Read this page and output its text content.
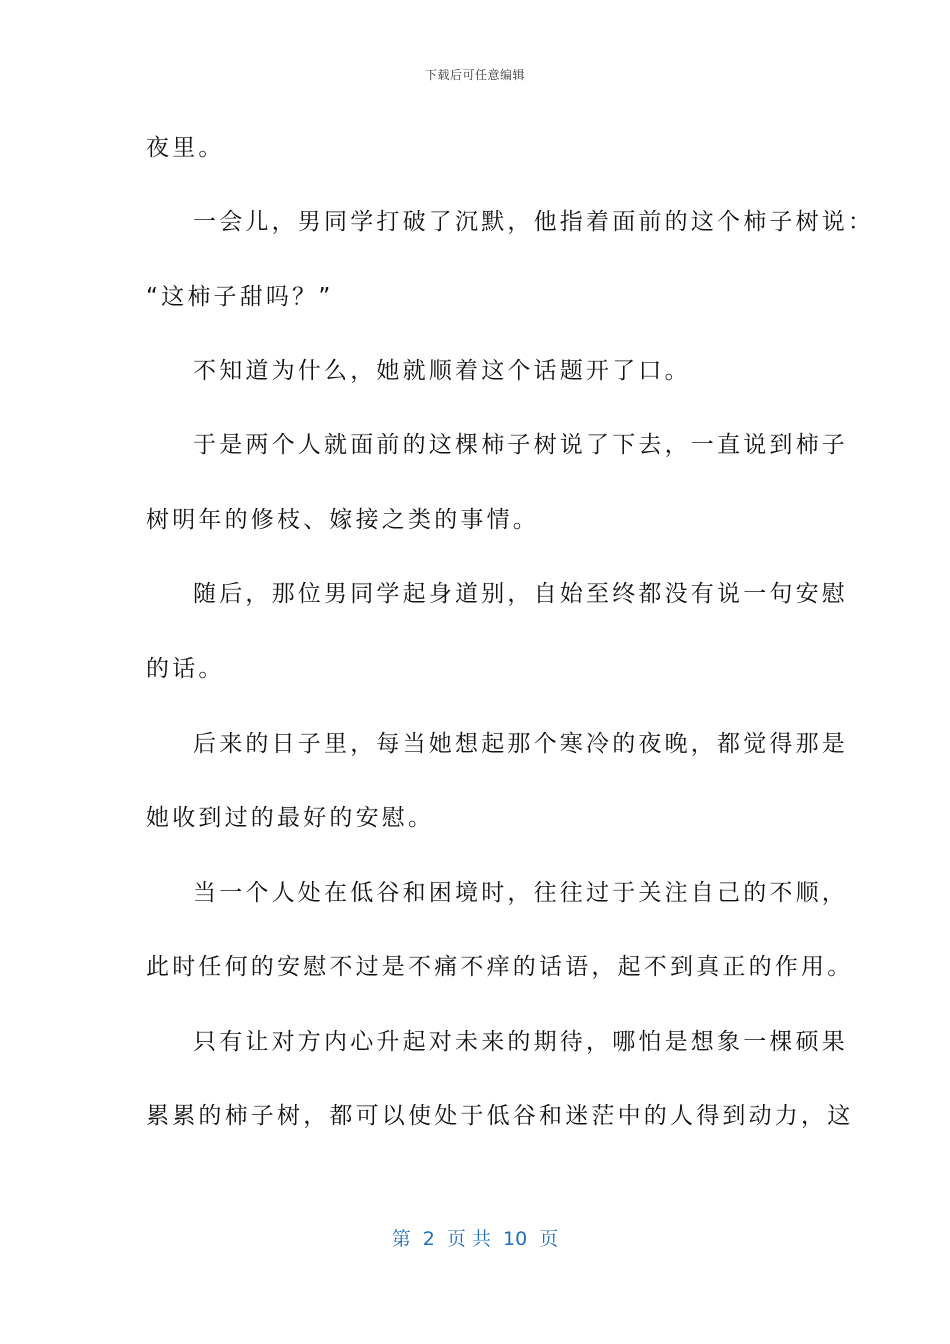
下载后可任意编辑
夜里。
一会儿，男同学打破了沉默，他指着面前的这个柿子树说：
“这柿子甜吗？”
不知道为什么，她就顺着这个话题开了口。
于是两个人就面前的这棵柿子树说了下去，一直说到柿子
树明年的修枝、嫁接之类的事情。
随后，那位男同学起身道别，自始至终都没有说一句安慰
的话。
后来的日子里，每当她想起那个寒冷的夜晚，都觉得那是
她收到过的最好的安慰。
当一个人处在低谷和困境时，往往过于关注自己的不顺，
此时任何的安慰不过是不痛不痒的话语，起不到真正的作用。
只有让对方内心升起对未来的期待，哪怕是想象一棵硕果
累累的柿子树，都可以使处于低谷和迷茫中的人得到动力，这
第  2  页 共  10  页
